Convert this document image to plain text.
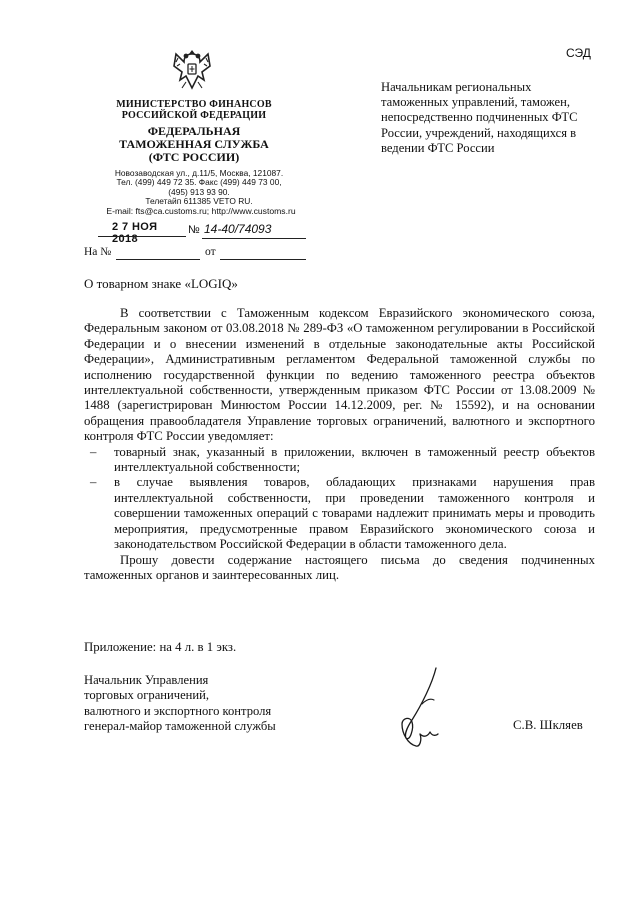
СЭД
МИНИСТЕРСТВО ФИНАНСОВ
РОССИЙСКОЙ ФЕДЕРАЦИИ
ФЕДЕРАЛЬНАЯ
ТАМОЖЕННАЯ СЛУЖБА
(ФТС РОССИИ)
Новозаводская ул., д.11/5, Москва, 121087.
Тел. (499) 449 72 35. Факс (499) 449 73 00,
(495) 913 93 90.
Телетайп 611385 VETO RU.
E-mail: fts@ca.customs.ru; http://www.customs.ru
2 7 НОЯ 2018
№ 14-40/74093
На №	от
Начальникам региональных таможенных управлений, таможен, непосредственно подчиненных ФТС России, учреждений, находящихся в ведении ФТС России
О товарном знаке «LOGIQ»

В соответствии с Таможенным кодексом Евразийского экономического союза, Федеральным законом от 03.08.2018 № 289-ФЗ «О таможенном регулировании в Российской Федерации и о внесении изменений в отдельные законодательные акты Российской Федерации», Административным регламентом Федеральной таможенной службы по исполнению государственной функции по ведению таможенного реестра объектов интеллектуальной собственности, утвержденным приказом ФТС России от 13.08.2009 № 1488 (зарегистрирован Минюстом России 14.12.2009, рег. № 15592), и на основании обращения правообладателя Управление торговых ограничений, валютного и экспортного контроля ФТС России уведомляет:

– товарный знак, указанный в приложении, включен в таможенный реестр объектов интеллектуальной собственности;
– в случае выявления товаров, обладающих признаками нарушения прав интеллектуальной собственности, при проведении таможенного контроля и совершении таможенных операций с товарами надлежит принимать меры и проводить мероприятия, предусмотренные правом Евразийского экономического союза и законодательством Российской Федерации в области таможенного дела.

Прошу довести содержание настоящего письма до сведения подчиненных таможенных органов и заинтересованных лиц.

Приложение: на 4 л. в 1 экз.
Начальник Управления
торговых ограничений,
валютного и экспортного контроля
генерал-майор таможенной службы	С.В. Шкляев
